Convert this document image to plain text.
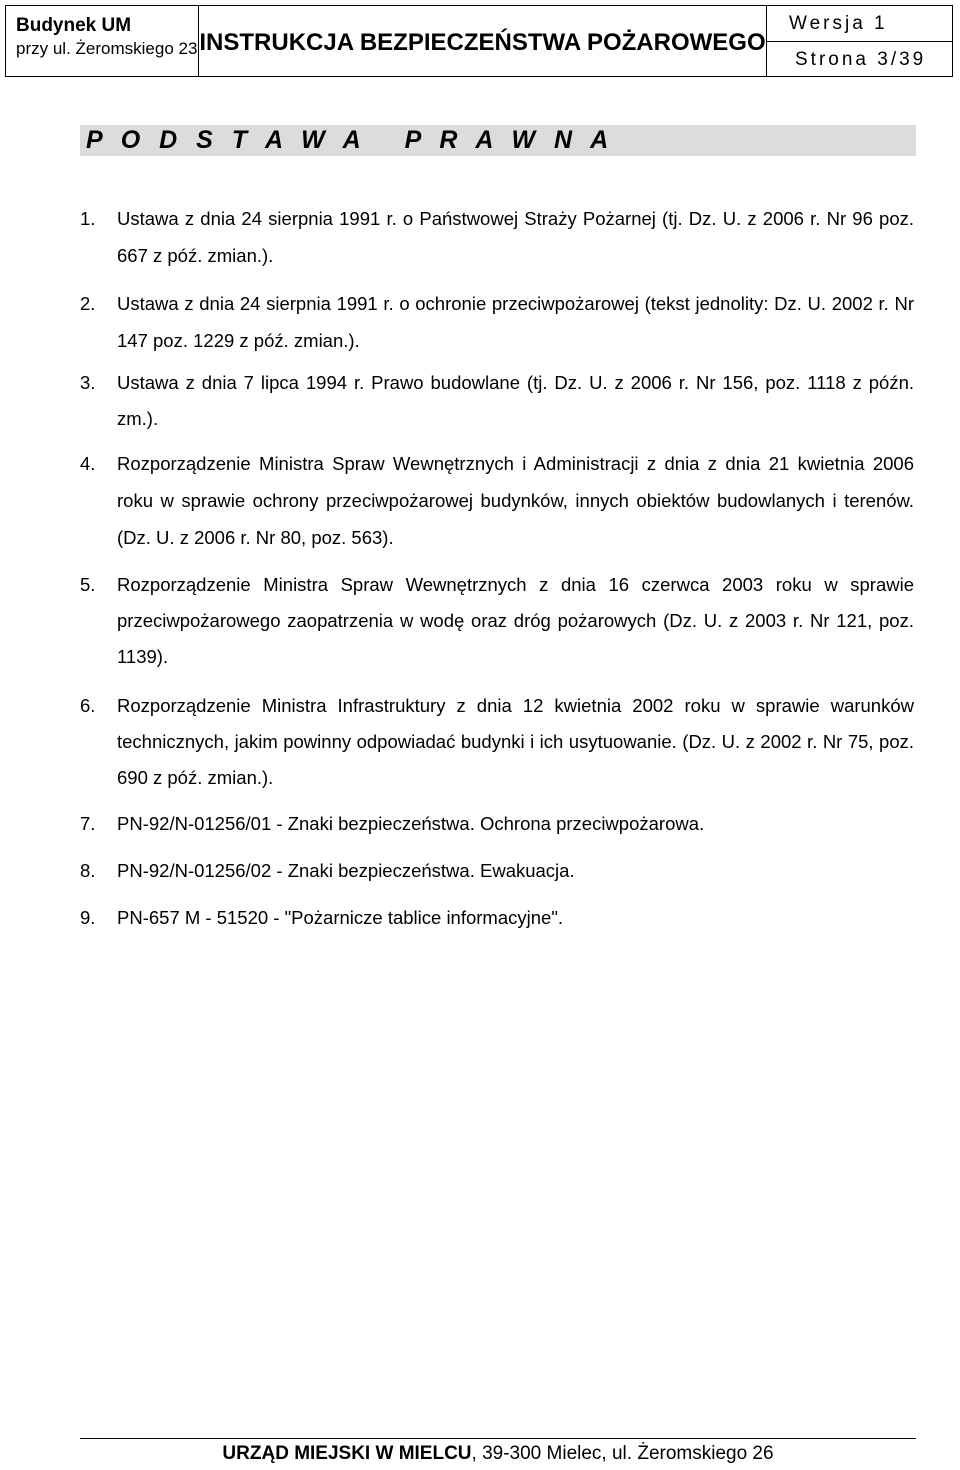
Budynek UM
przy ul. Żeromskiego 23 INSTRUKCJA BEZPIECZEŃSTWA POŻAROWEGO
Wersja 1
Strona 3/39
P O D S T A W A   P R A W N A
1. Ustawa z dnia 24 sierpnia 1991 r. o Państwowej Straży Pożarnej (tj. Dz. U. z 2006 r. Nr 96 poz. 667 z póź. zmian.).
2. Ustawa z dnia 24 sierpnia 1991 r. o ochronie przeciwpożarowej (tekst jednolity: Dz. U. 2002 r. Nr 147 poz. 1229 z póź. zmian.).
3. Ustawa z dnia 7 lipca 1994 r. Prawo budowlane (tj. Dz. U. z 2006 r. Nr 156, poz. 1118 z późn. zm.).
4. Rozporządzenie Ministra Spraw Wewnętrznych i Administracji z dnia z dnia 21 kwietnia 2006 roku w sprawie ochrony przeciwpożarowej budynków, innych obiektów budowlanych i terenów. (Dz. U. z 2006 r. Nr 80, poz. 563).
5. Rozporządzenie Ministra Spraw Wewnętrznych z dnia 16 czerwca 2003 roku w sprawie przeciwpożarowego zaopatrzenia w wodę oraz dróg pożarowych (Dz. U. z 2003 r. Nr 121, poz. 1139).
6. Rozporządzenie Ministra Infrastruktury z dnia 12 kwietnia 2002 roku w sprawie warunków technicznych, jakim powinny odpowiadać budynki i ich usytuowanie. (Dz. U. z 2002 r. Nr 75, poz. 690 z póź. zmian.).
7. PN-92/N-01256/01 - Znaki bezpieczeństwa. Ochrona przeciwpożarowa.
8. PN-92/N-01256/02 - Znaki bezpieczeństwa. Ewakuacja.
9. PN-657 M - 51520 - "Pożarnicze tablice informacyjne".
URZĄD MIEJSKI W MIELCU, 39-300 Mielec, ul. Żeromskiego 26
